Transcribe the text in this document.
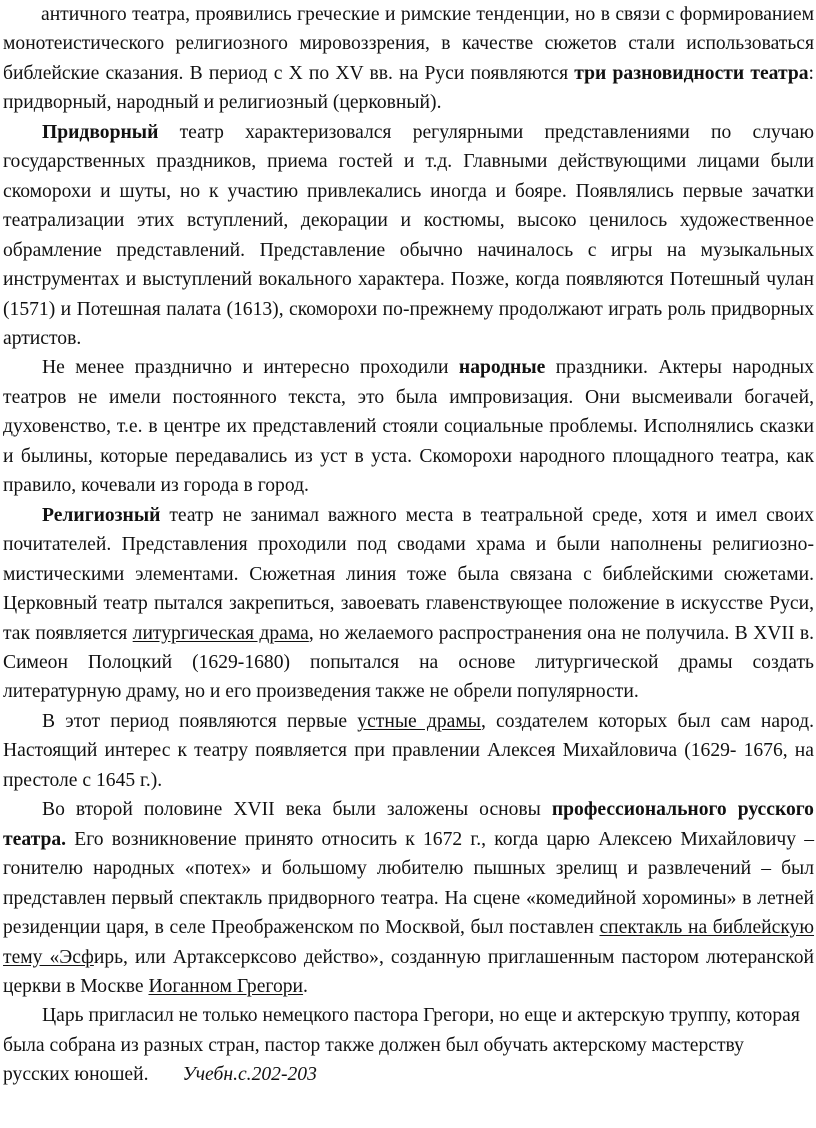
античного театра, проявились греческие и римские тенденции, но в связи с формированием монотеистического религиозного мировоззрения, в качестве сюжетов стали использоваться библейские сказания. В период с X по XV вв. на Руси появляются три разновидности театра: придворный, народный и религиозный (церковный).

Придворный театр характеризовался регулярными представлениями по случаю государственных праздников, приема гостей и т.д. Главными действующими лицами были скоморохи и шуты, но к участию привлекались иногда и бояре. Появлялись первые зачатки театрализации этих вступлений, декорации и костюмы, высоко ценилось художественное обрамление представлений. Представление обычно начиналось с игры на музыкальных инструментах и выступлений вокального характера. Позже, когда появляются Потешный чулан (1571) и Потешная палата (1613), скоморохи по-прежнему продолжают играть роль придворных артистов.

Не менее празднично и интересно проходили народные праздники. Актеры народных театров не имели постоянного текста, это была импровизация. Они высмеивали богачей, духовенство, т.е. в центре их представлений стояли социальные проблемы. Исполнялись сказки и былины, которые передавались из уст в уста. Скоморохи народного площадного театра, как правило, кочевали из города в город.

Религиозный театр не занимал важного места в театральной среде, хотя и имел своих почитателей. Представления проходили под сводами храма и были наполнены религиозно-мистическими элементами. Сюжетная линия тоже была связана с библейскими сюжетами. Церковный театр пытался закрепиться, завоевать главенствующее положение в искусстве Руси, так появляется литургическая драма, но желаемого распространения она не получила. В XVII в. Симеон Полоцкий (1629-1680) попытался на основе литургической драмы создать литературную драму, но и его произведения также не обрели популярности.

В этот период появляются первые устные драмы, создателем которых был сам народ. Настоящий интерес к театру появляется при правлении Алексея Михайловича (1629- 1676, на престоле с 1645 г.).

Во второй половине XVII века были заложены основы профессионального русского театра. Его возникновение принято относить к 1672 г., когда царю Алексею Михайловичу – гонителю народных «потех» и большому любителю пышных зрелищ и развлечений – был представлен первый спектакль придворного театра. На сцене «комедийной хоромины» в летней резиденции царя, в селе Преображенском по Москвой, был поставлен спектакль на библейскую тему «Эсфирь, или Артаксерксово действо», созданную приглашенным пастором лютеранской церкви в Москве Иоганном Грегори.

Царь пригласил не только немецкого пастора Грегори, но еще и актерскую труппу, которая была собрана из разных стран, пастор также должен был обучать актерскому мастерству русских юношей. Учебн.с.202-203
